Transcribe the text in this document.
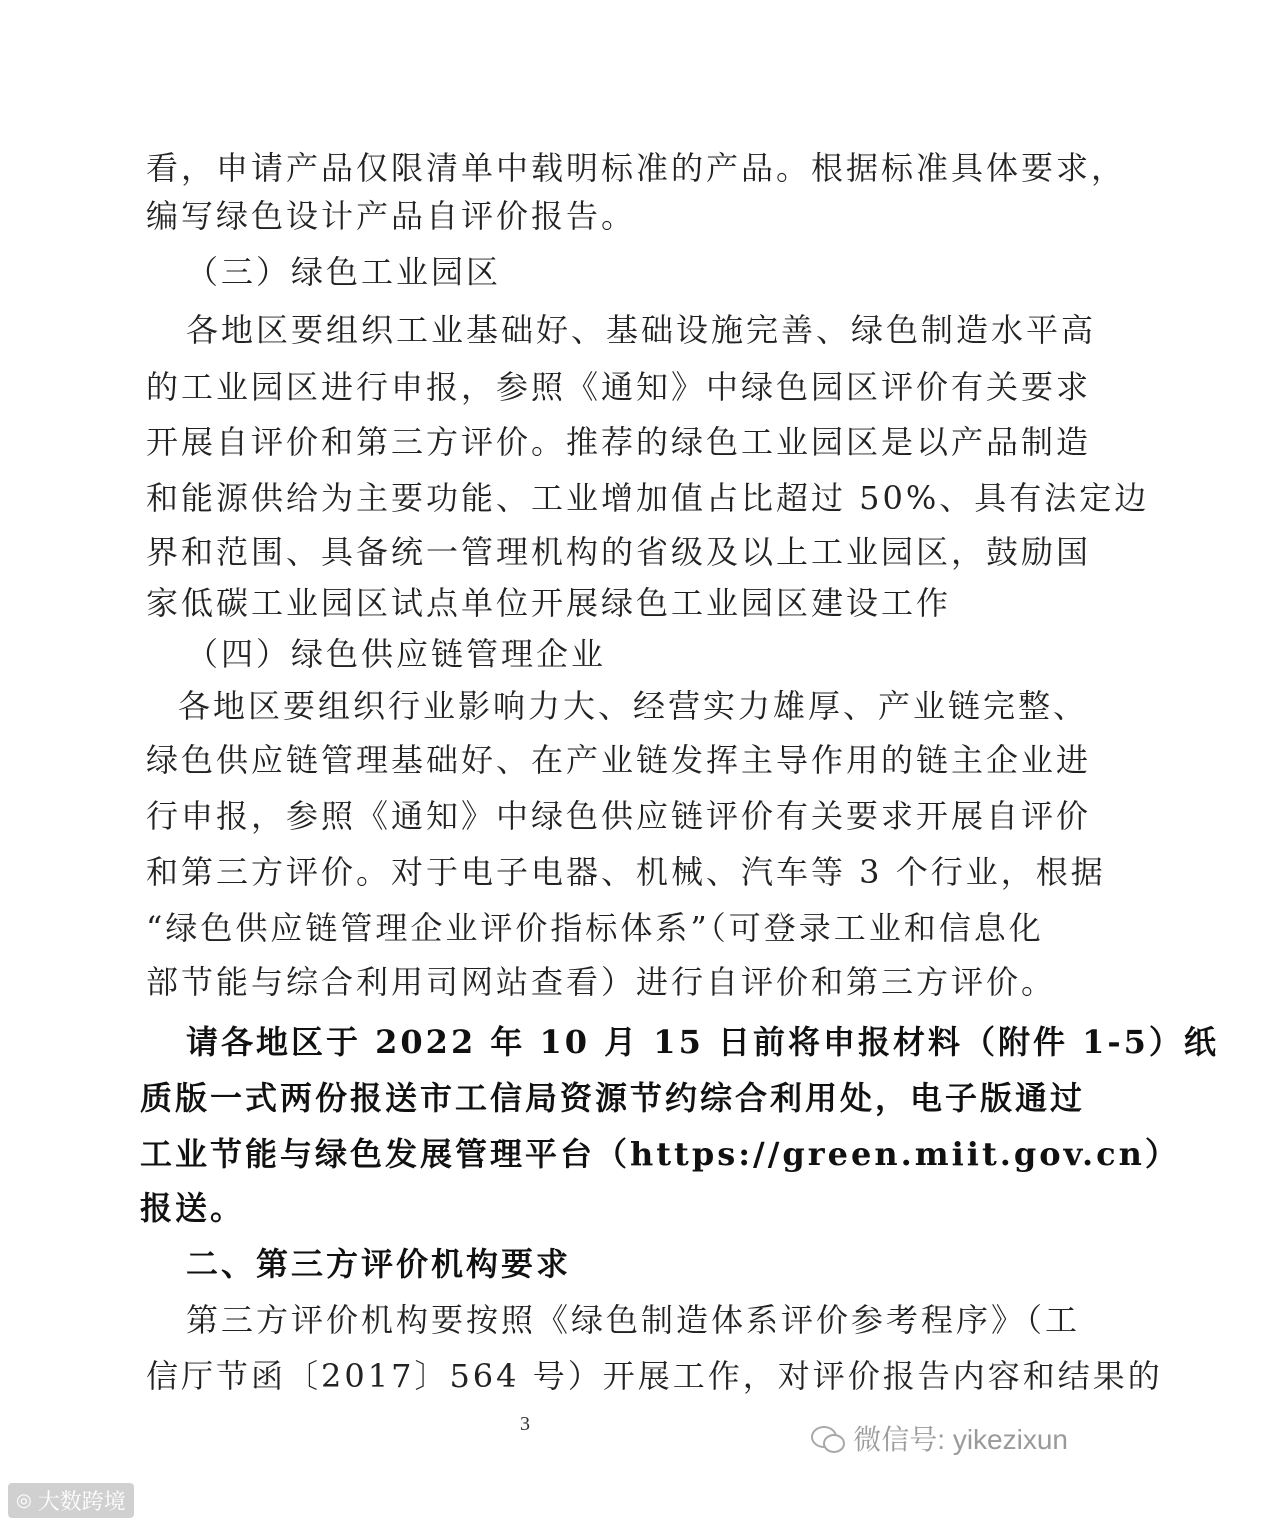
看，申请产品仅限清单中载明标准的产品。根据标准具体要求，
编写绿色设计产品自评价报告。
（三）绿色工业园区
各地区要组织工业基础好、基础设施完善、绿色制造水平高
的工业园区进行申报，参照《通知》中绿色园区评价有关要求
开展自评价和第三方评价。推荐的绿色工业园区是以产品制造
和能源供给为主要功能、工业增加值占比超过 50%、具有法定边
界和范围、具备统一管理机构的省级及以上工业园区，鼓励国
家低碳工业园区试点单位开展绿色工业园区建设工作
（四）绿色供应链管理企业
各地区要组织行业影响力大、经营实力雄厚、产业链完整、
绿色供应链管理基础好、在产业链发挥主导作用的链主企业进
行申报，参照《通知》中绿色供应链评价有关要求开展自评价
和第三方评价。对于电子电器、机械、汽车等 3 个行业，根据
“绿色供应链管理企业评价指标体系”（可登录工业和信息化
部节能与综合利用司网站查看）进行自评价和第三方评价。
请各地区于 2022 年 10 月 15 日前将申报材料（附件 1-5）纸
质版一式两份报送市工信局资源节约综合利用处，电子版通过
工业节能与绿色发展管理平台（https://green.miit.gov.cn）
报送。
二、第三方评价机构要求
第三方评价机构要按照《绿色制造体系评价参考程序》（工
信厅节函〔2017〕564 号）开展工作，对评价报告内容和结果的
3	微信号: yikezixun
◎ 大数跨境
